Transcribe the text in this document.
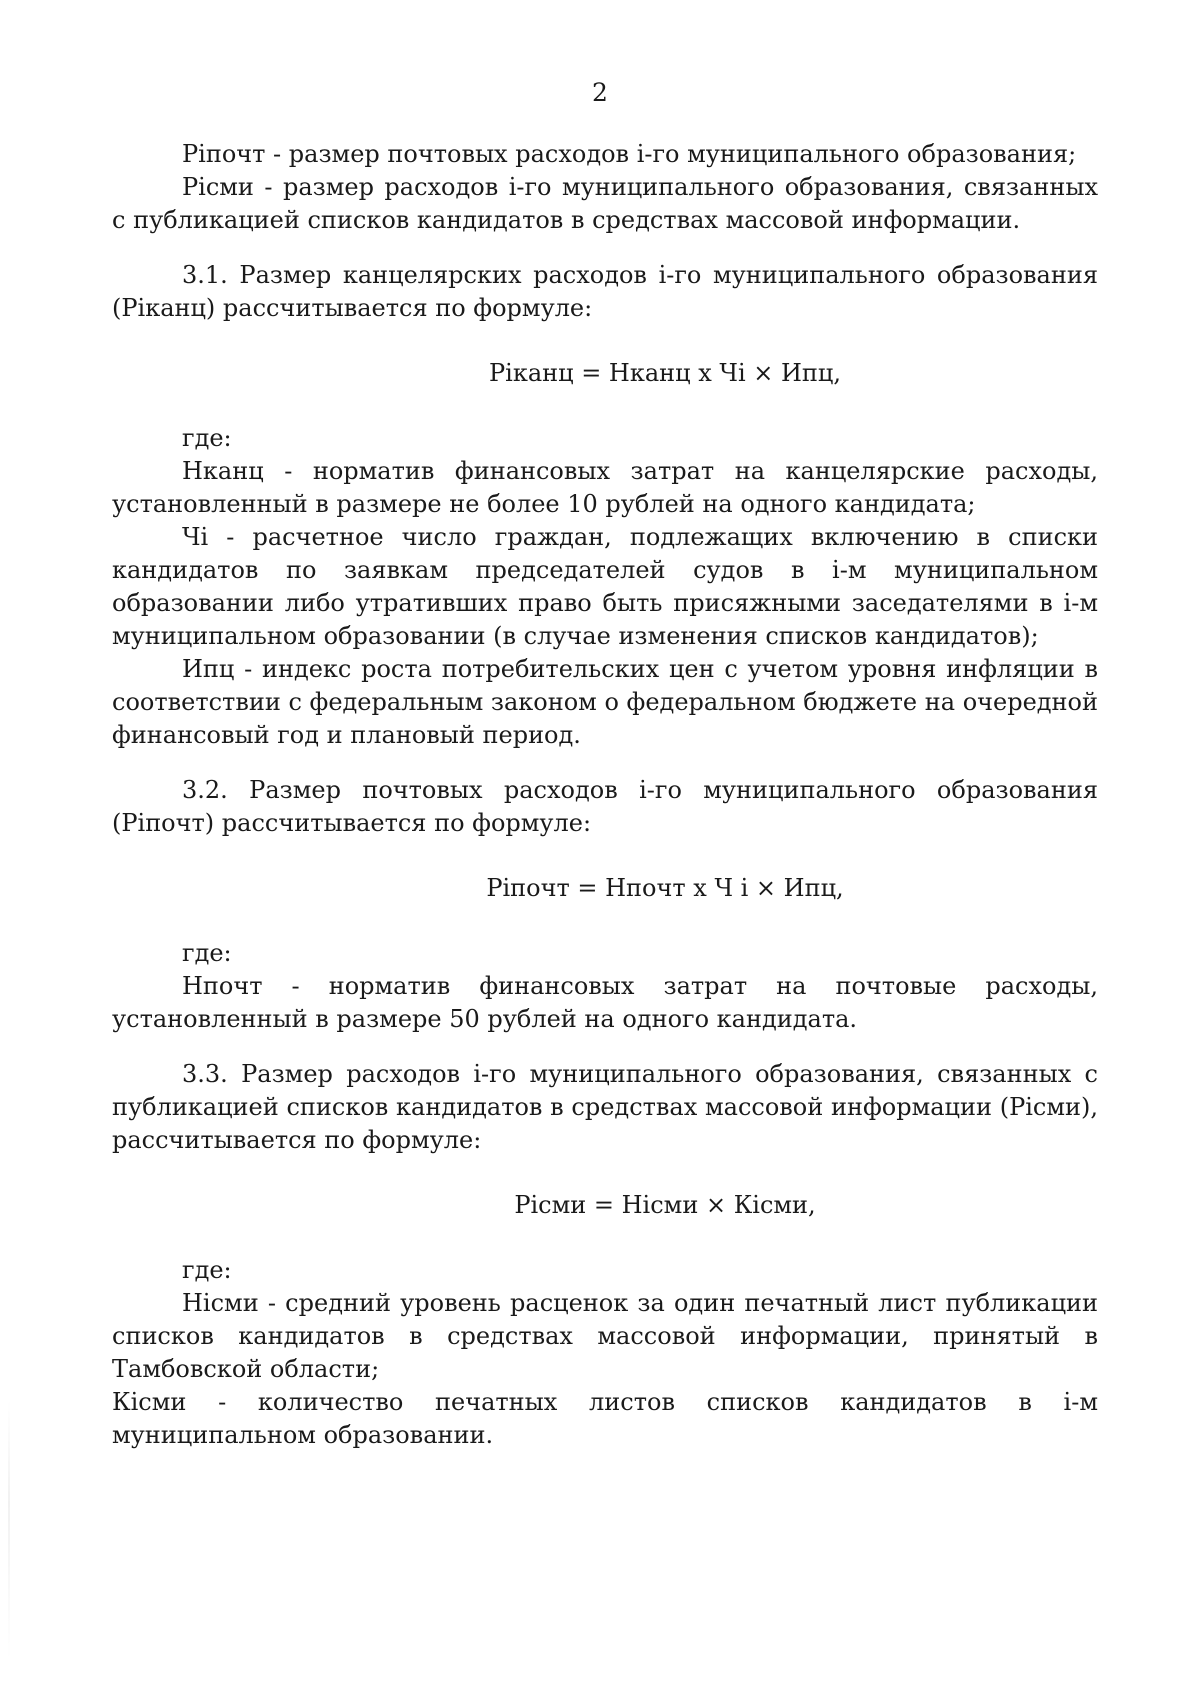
2

Рiпочт - размер почтовых расходов i-го муниципального образования;

Рiсми - размер расходов i-го муниципального образования, связанных с публикацией списков кандидатов в средствах массовой информации.

3.1. Размер канцелярских расходов i-го муниципального образования (Рiканц) рассчитывается по формуле:

Рiканц = Нканц х Чi × Ипц,

где:

Нканц - норматив финансовых затрат на канцелярские расходы, установленный в размере не более 10 рублей на одного кандидата;

Чi - расчетное число граждан, подлежащих включению в списки кандидатов по заявкам председателей судов в i-м муниципальном образовании либо утративших право быть присяжными заседателями в i-м муниципальном образовании (в случае изменения списков кандидатов);

Ипц - индекс роста потребительских цен с учетом уровня инфляции в соответствии с федеральным законом о федеральном бюджете на очередной финансовый год и плановый период.

3.2. Размер почтовых расходов i-го муниципального образования (Рiпочт) рассчитывается по формуле:

Рiпочт = Нпочт х Ч i × Ипц,

где:

Нпочт - норматив финансовых затрат на почтовые расходы, установленный в размере 50 рублей на одного кандидата.

3.3. Размер расходов i-го муниципального образования, связанных с публикацией списков кандидатов в средствах массовой информации (Рiсми), рассчитывается по формуле:

Рiсми = Нiсми × Кiсми,

где:

Нiсми - средний уровень расценок за один печатный лист публикации списков кандидатов в средствах массовой информации, принятый в Тамбовской области;

Кiсми - количество печатных листов списков кандидатов в i-м муниципальном образовании.
